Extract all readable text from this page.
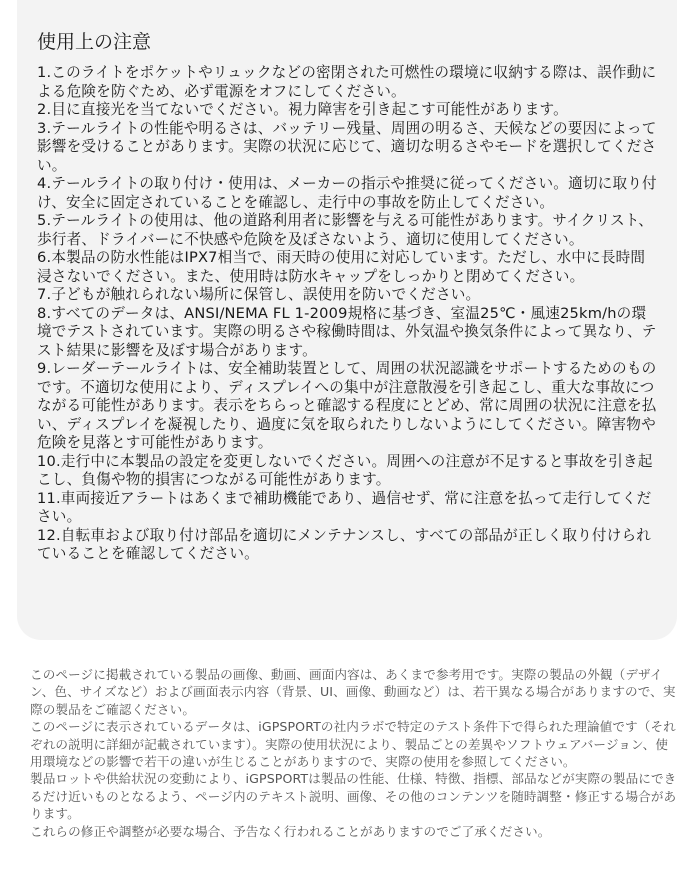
使用上の注意
1.このライトをポケットやリュックなどの密閉された可燃性の環境に収納する際は、誤作動による危険を防ぐため、必ず電源をオフにしてください。
2.目に直接光を当てないでください。視力障害を引き起こす可能性があります。
3.テールライトの性能や明るさは、バッテリー残量、周囲の明るさ、天候などの要因によって影響を受けることがあります。実際の状況に応じて、適切な明るさやモードを選択してください。
4.テールライトの取り付け・使用は、メーカーの指示や推奨に従ってください。適切に取り付け、安全に固定されていることを確認し、走行中の事故を防止してください。
5.テールライトの使用は、他の道路利用者に影響を与える可能性があります。サイクリスト、歩行者、ドライバーに不快感や危険を及ぼさないよう、適切に使用してください。
6.本製品の防水性能はIPX7相当で、雨天時の使用に対応しています。ただし、水中に長時間浸さないでください。また、使用時は防水キャップをしっかりと閉めてください。
7.子どもが触れられない場所に保管し、誤使用を防いでください。
8.すべてのデータは、ANSI/NEMA FL 1-2009規格に基づき、室温25℃・風速25km/hの環境でテストされています。実際の明るさや稼働時間は、外気温や換気条件によって異なり、テスト結果に影響を及ぼす場合があります。
9.レーダーテールライトは、安全補助装置として、周囲の状況認識をサポートするためのものです。不適切な使用により、ディスプレイへの集中が注意散漫を引き起こし、重大な事故につながる可能性があります。表示をちらっと確認する程度にとどめ、常に周囲の状況に注意を払い、ディスプレイを凝視したり、過度に気を取られたりしないようにしてください。障害物や危険を見落とす可能性があります。
10.走行中に本製品の設定を変更しないでください。周囲への注意が不足すると事故を引き起こし、負傷や物的損害につながる可能性があります。
11.車両接近アラートはあくまで補助機能であり、過信せず、常に注意を払って走行してください。
12.自転車および取り付け部品を適切にメンテナンスし、すべての部品が正しく取り付けられていることを確認してください。

このページに掲載されている製品の画像、動画、画面内容は、あくまで参考用です。実際の製品の外観（デザイン、色、サイズなど）および画面表示内容（背景、UI、画像、動画など）は、若干異なる場合がありますので、実際の製品をご確認ください。

このページに表示されているデータは、iGPSPORTの社内ラボで特定のテスト条件下で得られた理論値です（それぞれの説明に詳細が記載されています）。実際の使用状況により、製品ごとの差異やソフトウェアバージョン、使用環境などの影響で若干の違いが生じることがありますので、実際の使用を参照してください。

製品ロットや供給状況の変動により、iGPSPORTは製品の性能、仕様、特徴、指標、部品などが実際の製品にできるだけ近いものとなるよう、ページ内のテキスト説明、画像、その他のコンテンツを随時調整・修正する場合があります。

これらの修正や調整が必要な場合、予告なく行われることがありますのでご了承ください。
